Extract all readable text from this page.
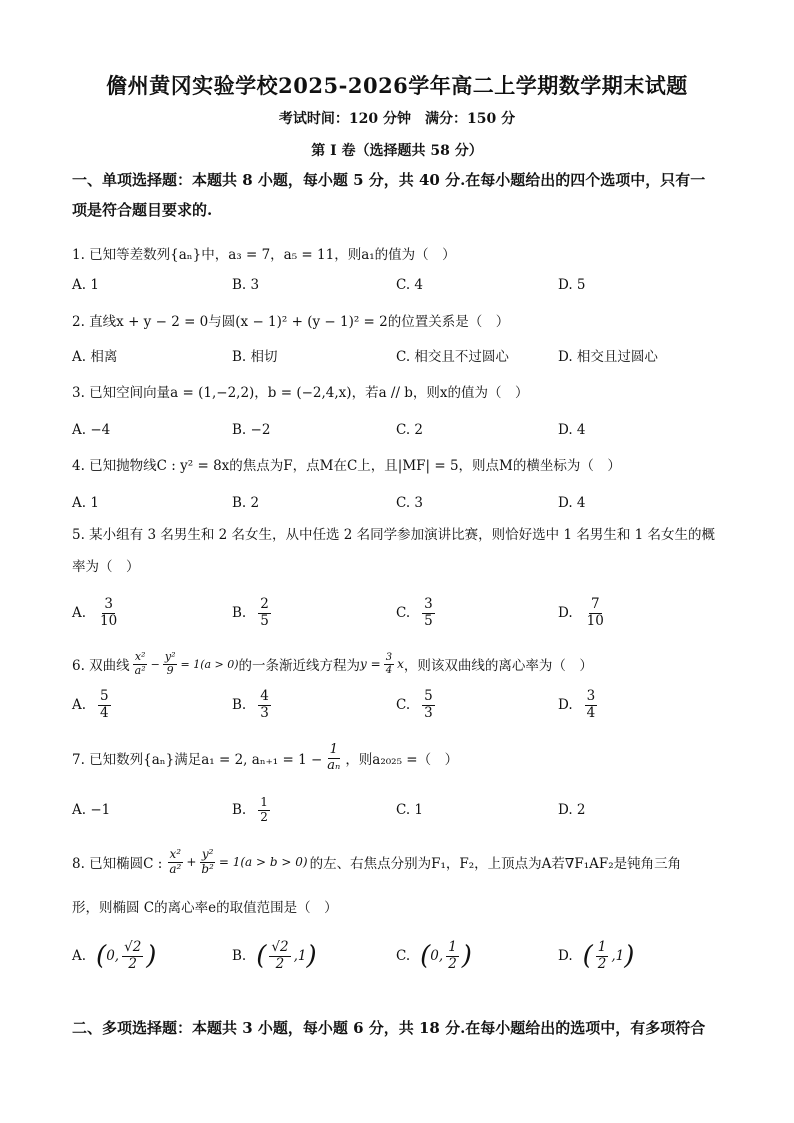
儋州黄冈实验学校2025-2026学年高二上学期数学期末试题
考试时间：120 分钟　满分：150 分
第 I 卷（选择题共 58 分）
一、单项选择题：本题共 8 小题，每小题 5 分，共 40 分.在每小题给出的四个选项中，只有一
项是符合题目要求的.
1. 已知等差数列{aₙ}中，a₃ = 7，a₅ = 11，则a₁的值为（　）
A. 1	B. 3	C. 4	D. 5
2. 直线x + y − 2 = 0与圆(x − 1)² + (y − 1)² = 2的位置关系是（　）
A. 相离	B. 相切	C. 相交且不过圆心	D. 相交且过圆心
3. 已知空间向量a = (1,−2,2)，b = (−2,4,x)，若a // b，则x的值为（　）
A. −4	B. −2	C. 2	D. 4
4. 已知抛物线C : y² = 8x的焦点为F，点M在C上，且|MF| = 5，则点M的横坐标为（　）
A. 1	B. 2	C. 3	D. 4
5. 某小组有 3 名男生和 2 名女生，从中任选 2 名同学参加演讲比赛，则恰好选中 1 名男生和 1 名女生的概
率为（　）
A. $\frac{3}{10}$	B. $\frac{2}{5}$	C. $\frac{3}{5}$	D. $\frac{7}{10}$
6. 双曲线 $\frac{\text{x²}}{\text{a²}} - \frac{\text{y²}}{9} = 1(a > 0)$ 的一条渐近线方程为 $y = \frac{3}{4}$ x ，则该双曲线的离心率为（　）
A. $\frac{5}{4}$	B. $\frac{4}{3}$	C. $\frac{5}{3}$	D. $\frac{3}{4}$
7. 已知数列{aₙ}满足a₁ = 2, $a_{n+1} = 1 - \frac{1}{\text{aₙ}}$ ，则a₂₀₂₅ =（　）
A. −1	B. $\frac{1}{2}$	C. 1	D. 2
8. 已知椭圆C : $\frac{\text{x²}}{\text{a²}} + \frac{\text{y²}}{\text{b²}} = 1(a > b > 0)$ 的左、右焦点分别为F₁，F₂，上顶点为A若∇F₁AF₂是钝角三角
形，则椭圆 C的离心率e的取值范围是（　）
A. ( 0, $\frac{√2}{2}$ )	B. ( $\frac{√2}{2} ,1$ )	C. ( 0, $\frac{1}{2}$ )	D. ( $\frac{1}{2} ,1$ )
二、多项选择题：本题共 3 小题，每小题 6 分，共 18 分.在每小题给出的选项中，有多项符合
